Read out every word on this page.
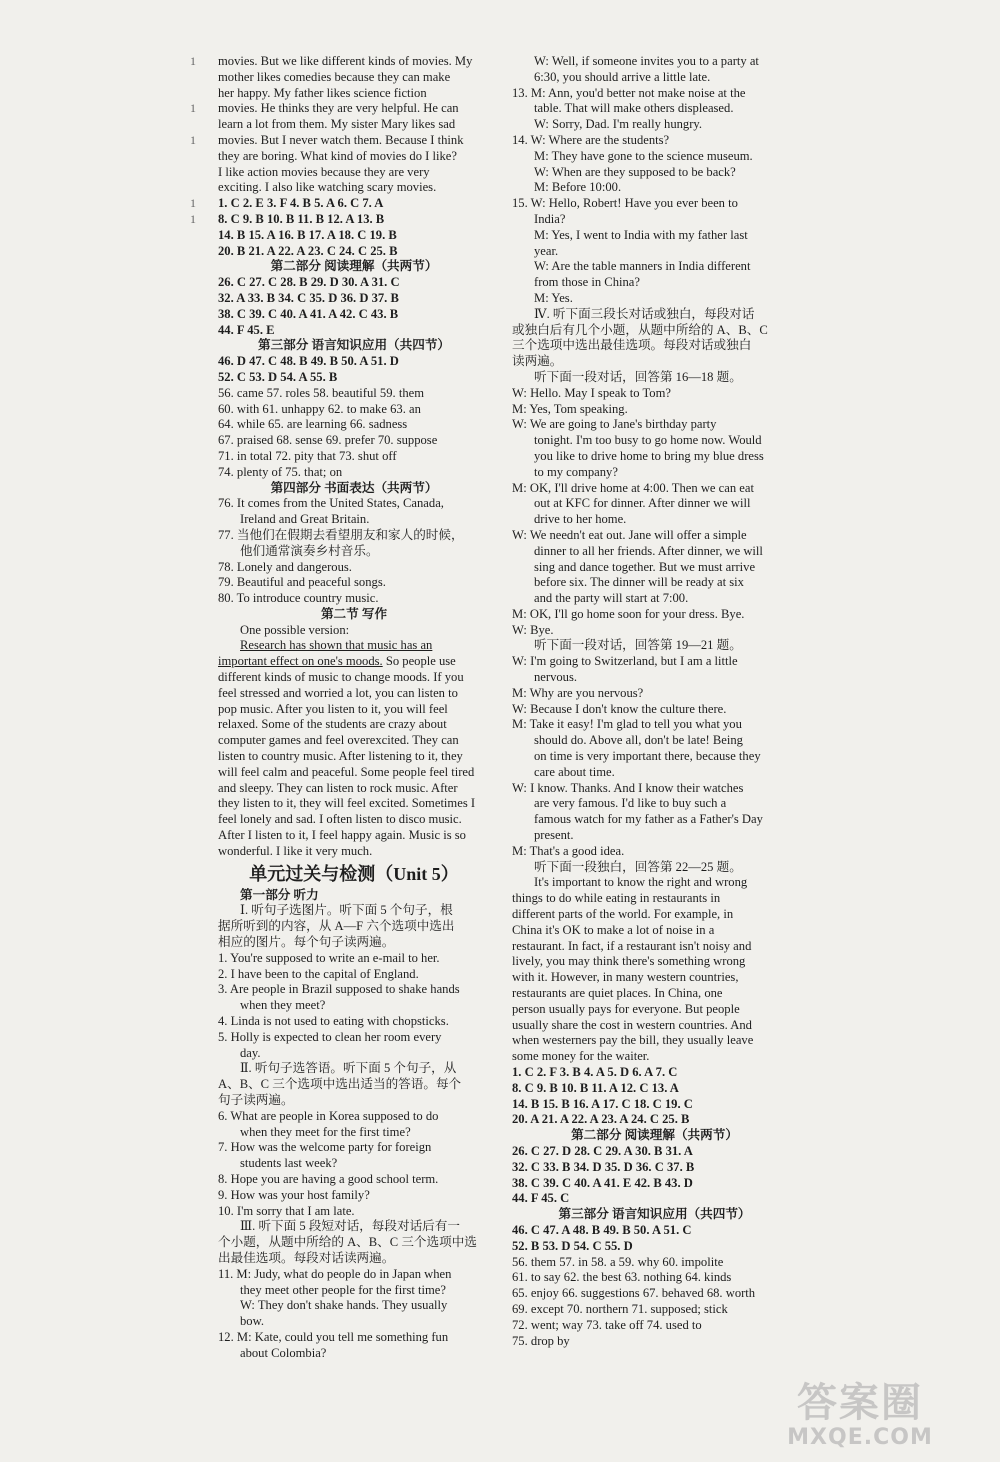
1
1
1
1
1
movies. But we like different kinds of movies. My
mother likes comedies because they can make
her happy. My father likes science fiction
movies. He thinks they are very helpful. He can
learn a lot from them. My sister Mary likes sad
movies. But I never watch them. Because I think
they are boring. What kind of movies do I like?
I like action movies because they are very
exciting. I also like watching scary movies.
1. C 2. E 3. F 4. B 5. A 6. C 7. A
8. C 9. B 10. B 11. B 12. A 13. B
14. B 15. A 16. B 17. A 18. C 19. B
20. B 21. A 22. A 23. C 24. C 25. B
第二部分 阅读理解（共两节）
26. C 27. C 28. B 29. D 30. A 31. C
32. A 33. B 34. C 35. D 36. D 37. B
38. C 39. C 40. A 41. A 42. C 43. B
44. F 45. E
第三部分 语言知识应用（共四节）
46. D 47. C 48. B 49. B 50. A 51. D
52. C 53. D 54. A 55. B
56. came 57. roles 58. beautiful 59. them
60. with 61. unhappy 62. to make 63. an
64. while 65. are learning 66. sadness
67. praised 68. sense 69. prefer 70. suppose
71. in total 72. pity that 73. shut off
74. plenty of 75. that; on
第四部分 书面表达（共两节）
76. It comes from the United States, Canada,
Ireland and Great Britain.
77. 当他们在假期去看望朋友和家人的时候，
他们通常演奏乡村音乐。
78. Lonely and dangerous.
79. Beautiful and peaceful songs.
80. To introduce country music.
第二节 写作
One possible version:
Research has shown that music has an
important effect on one's moods. So people use
different kinds of music to change moods. If you
feel stressed and worried a lot, you can listen to
pop music. After you listen to it, you will feel
relaxed. Some of the students are crazy about
computer games and feel overexcited. They can
listen to country music. After listening to it, they
will feel calm and peaceful. Some people feel tired
and sleepy. They can listen to rock music. After
they listen to it, they will feel excited. Sometimes I
feel lonely and sad. I often listen to disco music.
After I listen to it, I feel happy again. Music is so
wonderful. I like it very much.
单元过关与检测（Unit 5）
第一部分 听力
Ⅰ. 听句子选图片。听下面 5 个句子，根
据所听到的内容，从 A—F 六个选项中选出
相应的图片。每个句子读两遍。
1. You're supposed to write an e-mail to her.
2. I have been to the capital of England.
3. Are people in Brazil supposed to shake hands
when they meet?
4. Linda is not used to eating with chopsticks.
5. Holly is expected to clean her room every
day.
Ⅱ. 听句子选答语。听下面 5 个句子，从
A、B、C 三个选项中选出适当的答语。每个
句子读两遍。
6. What are people in Korea supposed to do
when they meet for the first time?
7. How was the welcome party for foreign
students last week?
8. Hope you are having a good school term.
9. How was your host family?
10. I'm sorry that I am late.
Ⅲ. 听下面 5 段短对话，每段对话后有一
个小题，从题中所给的 A、B、C 三个选项中选
出最佳选项。每段对话读两遍。
11. M: Judy, what do people do in Japan when
they meet other people for the first time?
W: They don't shake hands. They usually
bow.
12. M: Kate, could you tell me something fun
about Colombia?
W: Well, if someone invites you to a party at
6:30, you should arrive a little late.
13. M: Ann, you'd better not make noise at the
table. That will make others displeased.
W: Sorry, Dad. I'm really hungry.
14. W: Where are the students?
M: They have gone to the science museum.
W: When are they supposed to be back?
M: Before 10:00.
15. W: Hello, Robert! Have you ever been to
India?
M: Yes, I went to India with my father last
year.
W: Are the table manners in India different
from those in China?
M: Yes.
Ⅳ. 听下面三段长对话或独白，每段对话
或独白后有几个小题，从题中所给的 A、B、C
三个选项中选出最佳选项。每段对话或独白
读两遍。
听下面一段对话，回答第 16—18 题。
W: Hello. May I speak to Tom?
M: Yes, Tom speaking.
W: We are going to Jane's birthday party
tonight. I'm too busy to go home now. Would
you like to drive home to bring my blue dress
to my company?
M: OK, I'll drive home at 4:00. Then we can eat
out at KFC for dinner. After dinner we will
drive to her home.
W: We needn't eat out. Jane will offer a simple
dinner to all her friends. After dinner, we will
sing and dance together. But we must arrive
before six. The dinner will be ready at six
and the party will start at 7:00.
M: OK, I'll go home soon for your dress. Bye.
W: Bye.
听下面一段对话，回答第 19—21 题。
W: I'm going to Switzerland, but I am a little
nervous.
M: Why are you nervous?
W: Because I don't know the culture there.
M: Take it easy! I'm glad to tell you what you
should do. Above all, don't be late! Being
on time is very important there, because they
care about time.
W: I know. Thanks. And I know their watches
are very famous. I'd like to buy such a
famous watch for my father as a Father's Day
present.
M: That's a good idea.
听下面一段独白，回答第 22—25 题。
It's important to know the right and wrong
things to do while eating in restaurants in
different parts of the world. For example, in
China it's OK to make a lot of noise in a
restaurant. In fact, if a restaurant isn't noisy and
lively, you may think there's something wrong
with it. However, in many western countries,
restaurants are quiet places. In China, one
person usually pays for everyone. But people
usually share the cost in western countries. And
when westerners pay the bill, they usually leave
some money for the waiter.
1. C 2. F 3. B 4. A 5. D 6. A 7. C
8. C 9. B 10. B 11. A 12. C 13. A
14. B 15. B 16. A 17. C 18. C 19. C
20. A 21. A 22. A 23. A 24. C 25. B
第二部分 阅读理解（共两节）
26. C 27. D 28. C 29. A 30. B 31. A
32. C 33. B 34. D 35. D 36. C 37. B
38. C 39. C 40. A 41. E 42. B 43. D
44. F 45. C
第三部分 语言知识应用（共四节）
46. C 47. A 48. B 49. B 50. A 51. C
52. B 53. D 54. C 55. D
56. them 57. in 58. a 59. why 60. impolite
61. to say 62. the best 63. nothing 64. kinds
65. enjoy 66. suggestions 67. behaved 68. worth
69. except 70. northern 71. supposed; stick
72. went; way 73. take off 74. used to
75. drop by
答案圈
MXQE.COM
